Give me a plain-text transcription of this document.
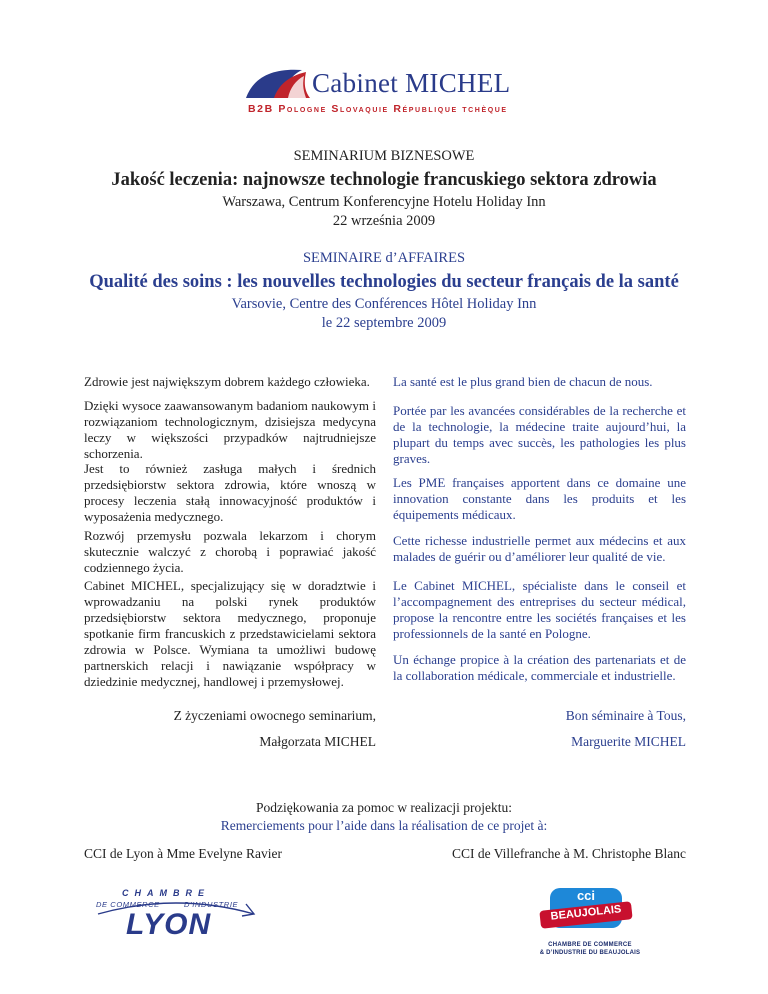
Cabinet MICHEL
B2B Pologne Slovaquie République tchèque
SEMINARIUM BIZNESOWE
Jakość leczenia: najnowsze technologie francuskiego sektora zdrowia
Warszawa, Centrum Konferencyjne Hotelu Holiday Inn
22 września 2009
SEMINAIRE d’AFFAIRES
Qualité des soins : les nouvelles technologies du secteur français de la santé
Varsovie, Centre des Conférences Hôtel Holiday Inn
le 22 septembre 2009
Zdrowie jest największym dobrem każdego człowieka.
Dzięki wysoce zaawansowanym badaniom naukowym i rozwiązaniom technologicznym, dzisiejsza medycyna leczy w większości przypadków najtrudniejsze schorzenia.
Jest to również zasługa małych i średnich przedsiębiorstw sektora zdrowia, które wnoszą w procesy leczenia stałą innowacyjność produktów i wyposażenia medycznego.
Rozwój przemysłu pozwala lekarzom i chorym skutecznie walczyć z chorobą i poprawiać jakość codziennego życia.
Cabinet MICHEL, specjalizujący się w doradztwie i wprowadzaniu na polski rynek produktów przedsiębiorstw sektora medycznego, proponuje spotkanie firm francuskich z przedstawicielami sektora zdrowia w Polsce. Wymiana ta umożliwi budowę partnerskich relacji i nawiązanie współpracy w dziedzinie medycznej, handlowej i przemysłowej.
La santé est le plus grand bien de chacun de nous.
Portée par les avancées considérables de la recherche et de la technologie, la médecine traite aujourd’hui, la plupart du temps avec succès, les pathologies les plus graves.
Les PME françaises apportent dans ce domaine une innovation constante dans les produits et les équipements médicaux.
Cette richesse industrielle permet aux médecins et aux malades de guérir ou d’améliorer leur qualité de vie.
Le Cabinet MICHEL, spécialiste dans le conseil et l’accompagnement des entreprises du secteur médical, propose la rencontre entre les sociétés françaises et les professionnels de la santé en Pologne.
Un échange propice à la création des partenariats et de la collaboration médicale, commerciale et industrielle.
Z życzeniami owocnego seminarium,
Małgorzata MICHEL
Bon séminaire à Tous,
Marguerite MICHEL
Podziękowania za pomoc w realizacji projektu:
Remerciements pour l’aide dans la réalisation de ce projet à:
CCI de Lyon à Mme Evelyne Ravier	CCI de Villefranche à M. Christophe Blanc
CHAMBRE
DE COMMERCE	D’INDUSTRIE
LYON
cci
BEAUJOLAIS
CHAMBRE DE COMMERCE
& D’INDUSTRIE DU BEAUJOLAIS
